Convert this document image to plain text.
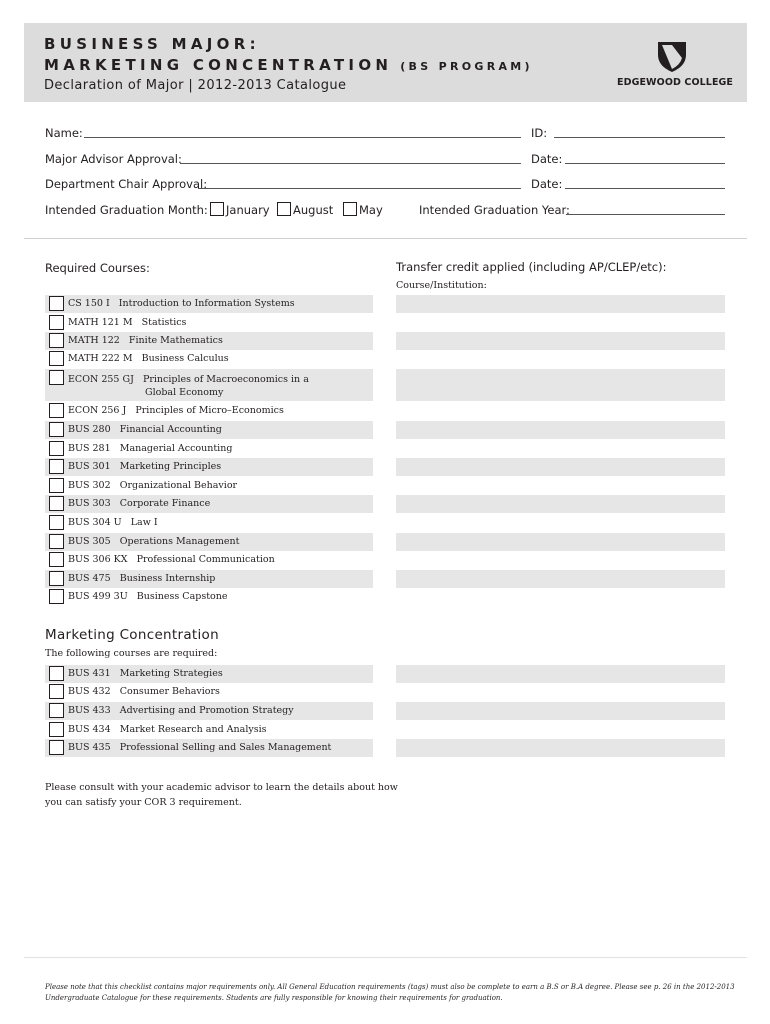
BUSINESS MAJOR:
MARKETING CONCENTRATION (BS PROGRAM)
Declaration of Major | 2012-2013 Catalogue	EDGEWOOD COLLEGE
Name:	ID:
Major Advisor Approval:	Date:
Department Chair Approval:	Date:
Intended Graduation Month: January August May	Intended Graduation Year:
Required Courses:	Transfer credit applied (including AP/CLEP/etc):
Course/Institution:
CS 150 I Introduction to Information Systems
MATH 121 M Statistics
MATH 122 Finite Mathematics
MATH 222 M Business Calculus
ECON 255 GJ Principles of Macroeconomics in a
Global Economy
ECON 256 J Principles of Micro–Economics
BUS 280 Financial Accounting
BUS 281 Managerial Accounting
BUS 301 Marketing Principles
BUS 302 Organizational Behavior
BUS 303 Corporate Finance
BUS 304 U Law I
BUS 305 Operations Management
BUS 306 KX Professional Communication
BUS 475 Business Internship
BUS 499 3U Business Capstone
Marketing Concentration
The following courses are required:
BUS 431 Marketing Strategies
BUS 432 Consumer Behaviors
BUS 433 Advertising and Promotion Strategy
BUS 434 Market Research and Analysis
BUS 435 Professional Selling and Sales Management
Please consult with your academic advisor to learn the details about how you can satisfy your COR 3 requirement.
Please note that this checklist contains major requirements only. All General Education requirements (tags) must also be complete to earn a B.S or B.A degree. Please see p. 26 in the 2012-2013 Undergraduate Catalogue for these requirements. Students are fully responsible for knowing their requirements for graduation.
